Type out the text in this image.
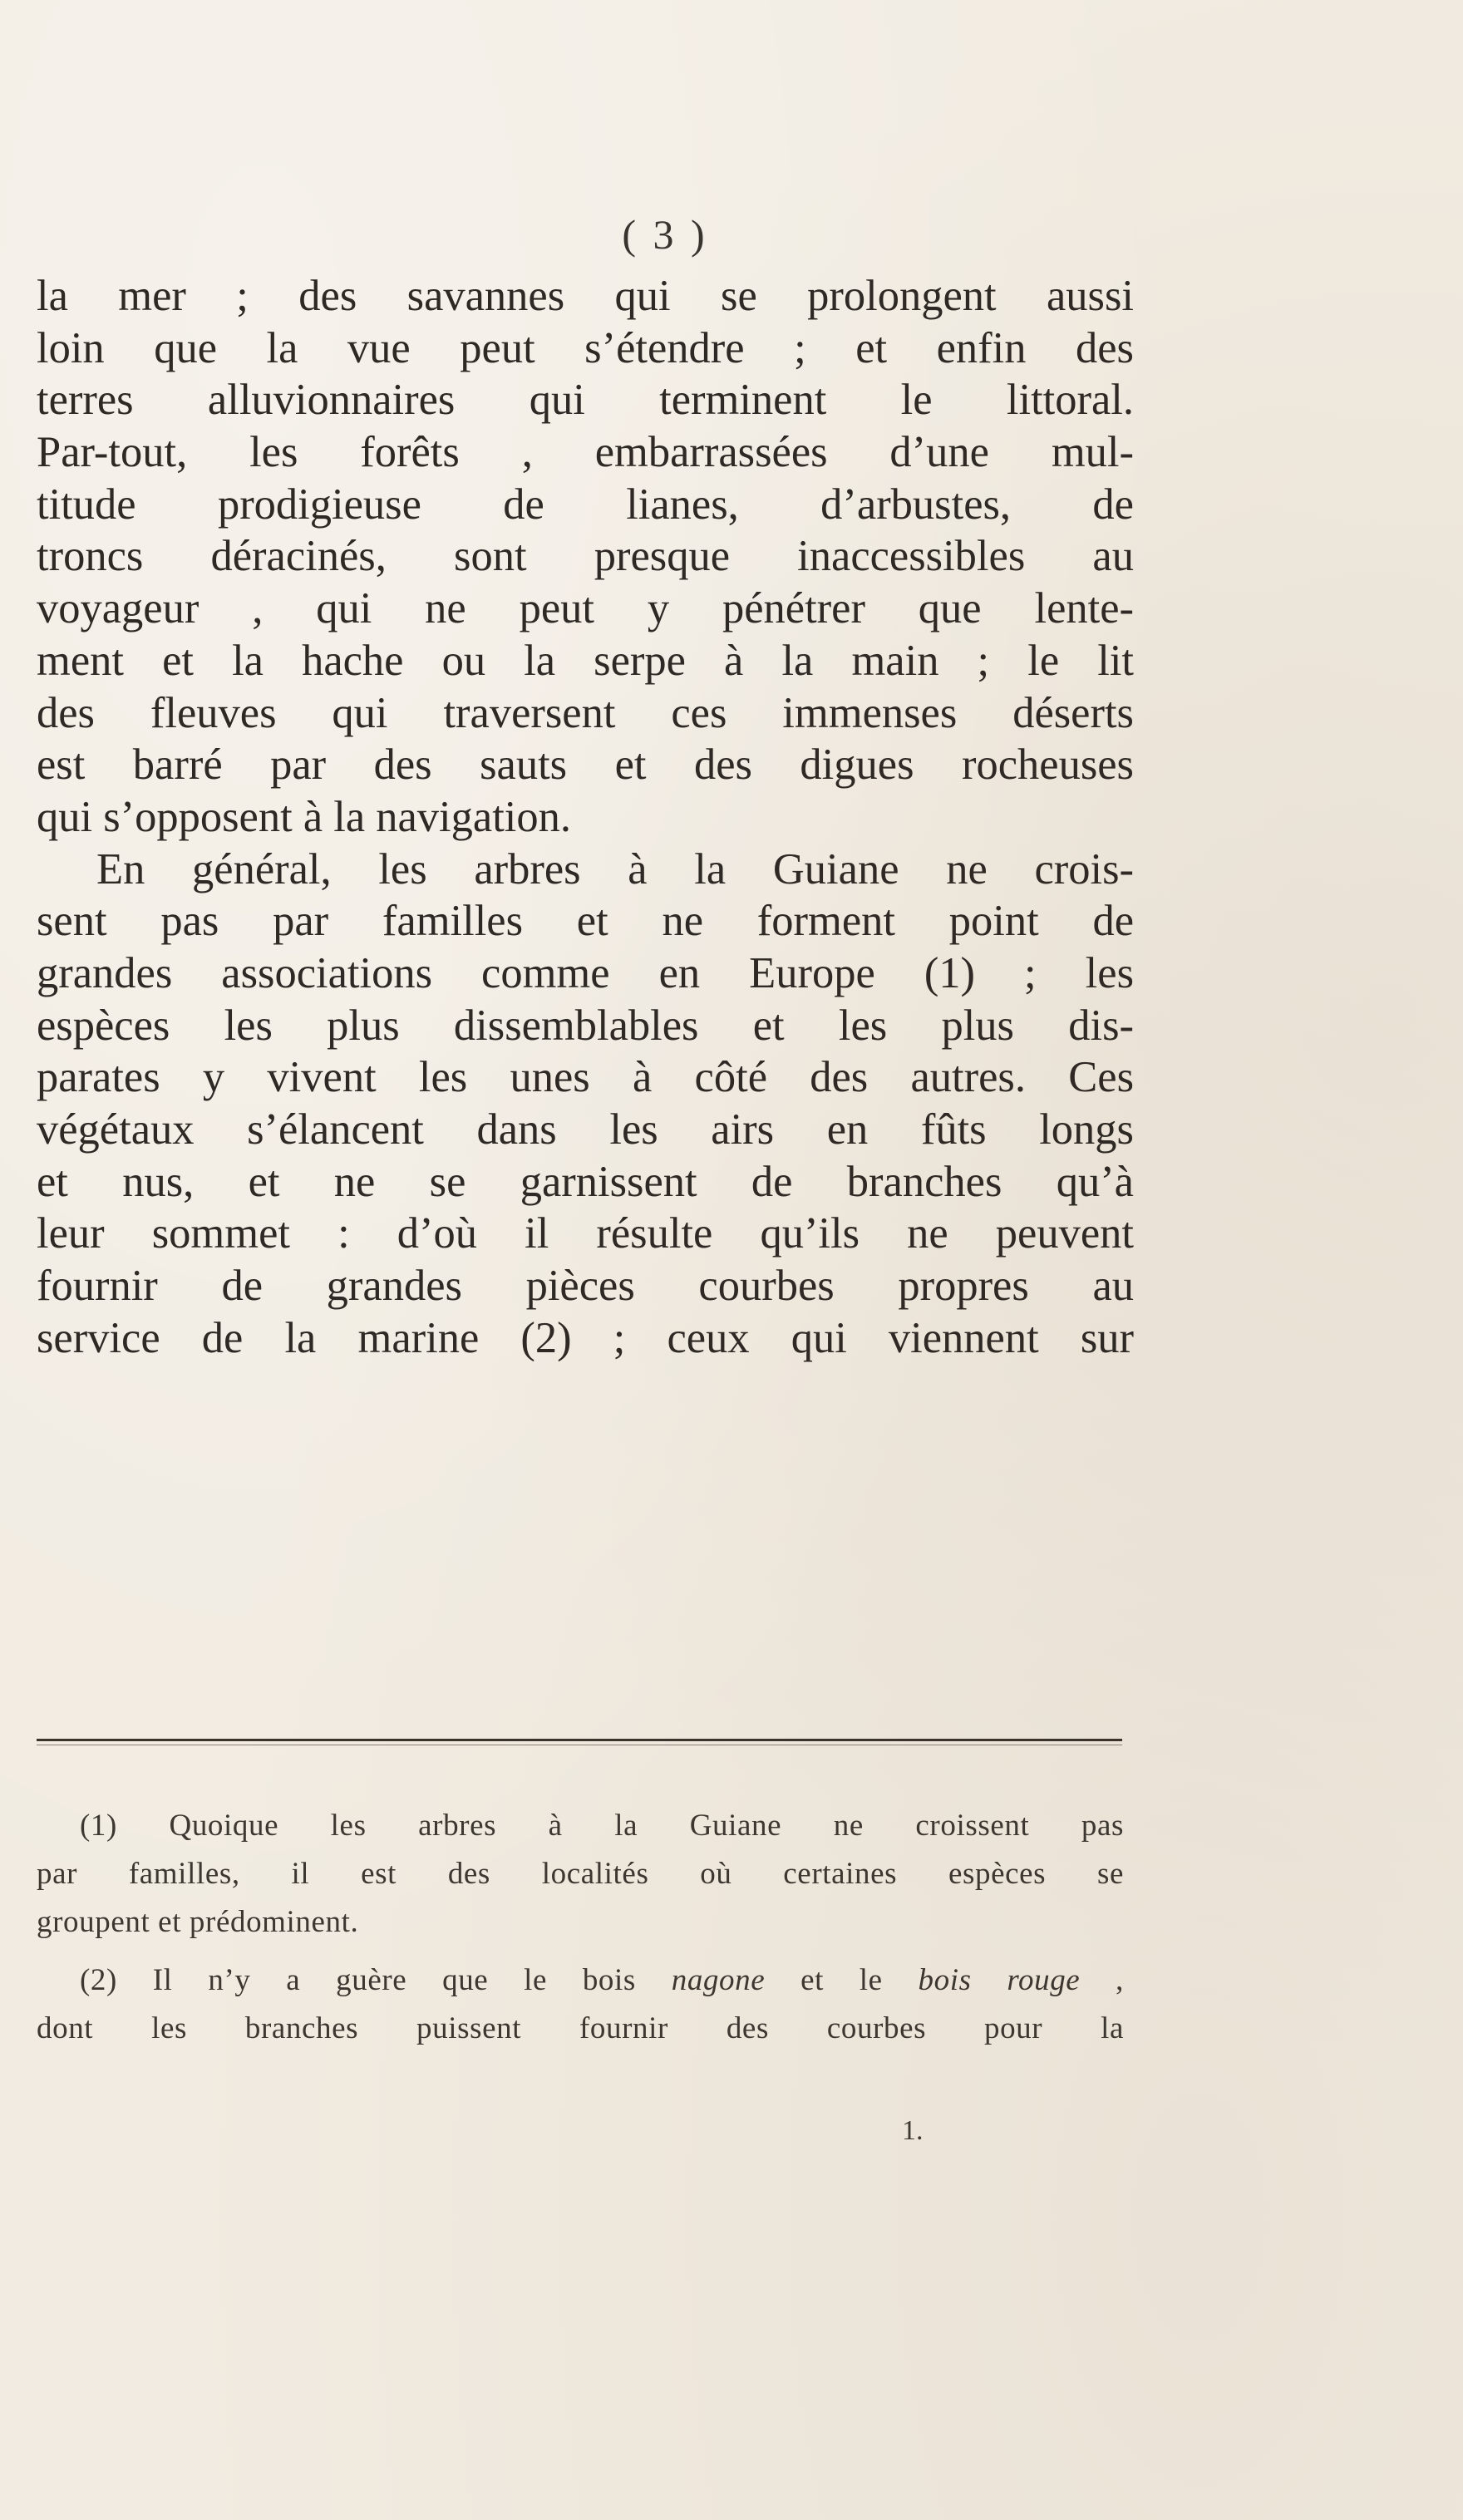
( 3 )
la mer ; des savannes qui se prolongent aussi
loin que la vue peut s’étendre ; et enfin des
terres alluvionnaires qui terminent le littoral.
Par-tout, les forêts , embarrassées d’une mul-
titude prodigieuse de lianes, d’arbustes, de
troncs déracinés, sont presque inaccessibles au
voyageur , qui ne peut y pénétrer que lente-
ment et la hache ou la serpe à la main ; le lit
des fleuves qui traversent ces immenses déserts
est barré par des sauts et des digues rocheuses
qui s’opposent à la navigation.
En général, les arbres à la Guiane ne crois-
sent pas par familles et ne forment point de
grandes associations comme en Europe (1) ; les
espèces les plus dissemblables et les plus dis-
parates y vivent les unes à côté des autres. Ces
végétaux s’élancent dans les airs en fûts longs
et nus, et ne se garnissent de branches qu’à
leur sommet : d’où il résulte qu’ils ne peuvent
fournir de grandes pièces courbes propres au
service de la marine (2) ; ceux qui viennent sur
(1) Quoique les arbres à la Guiane ne croissent pas
par familles, il est des localités où certaines espèces se
groupent et prédominent.
(2) Il n’y a guère que le bois nagone et le bois rouge ,
dont les branches puissent fournir des courbes pour la
1.
